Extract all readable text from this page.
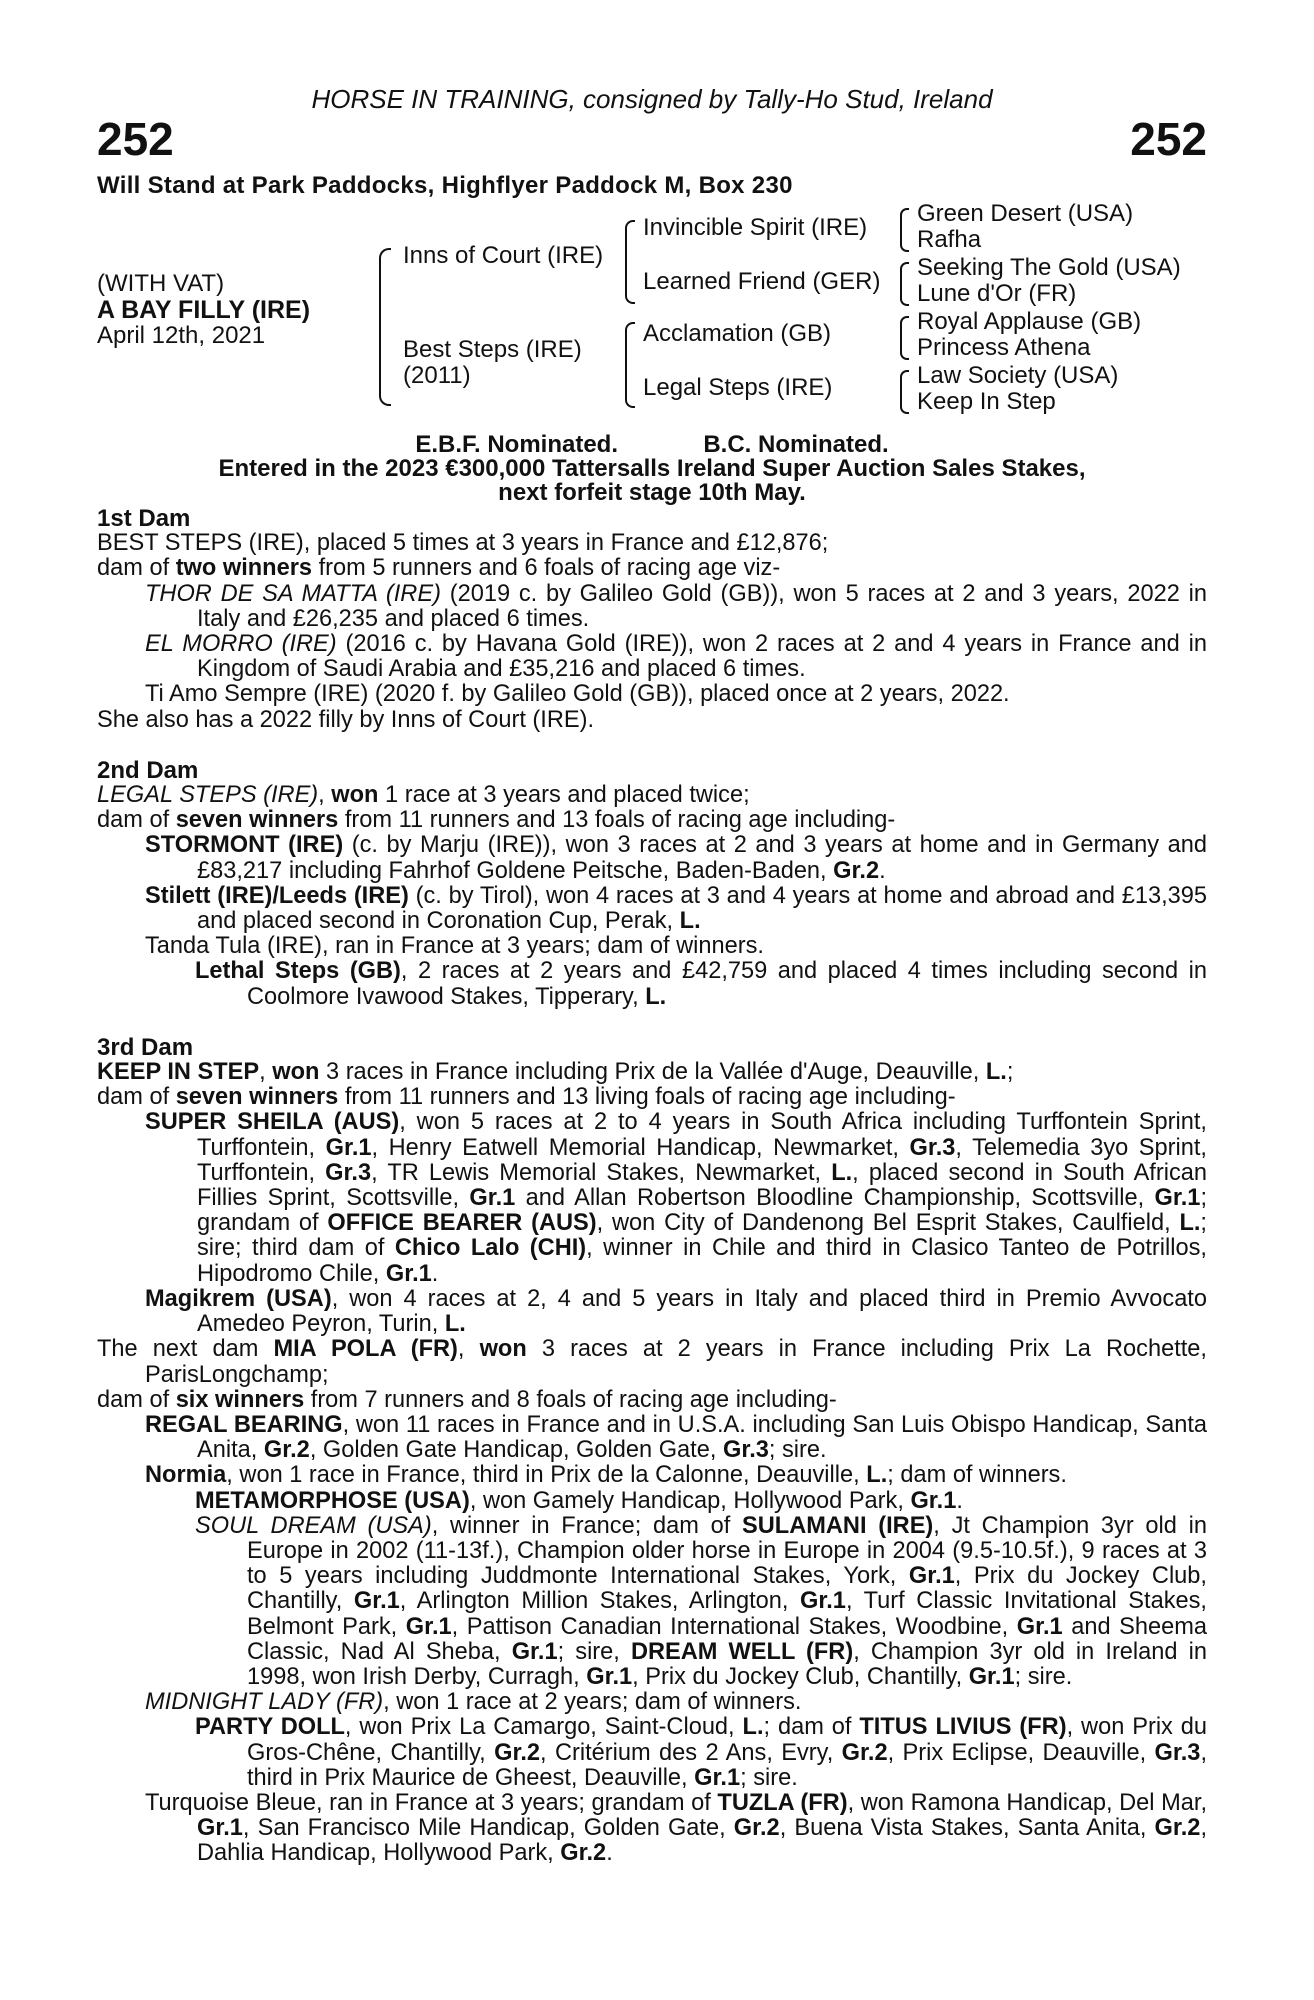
HORSE IN TRAINING, consigned by Tally-Ho Stud, Ireland
252	252
Will Stand at Park Paddocks, Highflyer Paddock M, Box 230
(WITH VAT)
A BAY FILLY (IRE)
April 12th, 2021
Inns of Court (IRE)
Best Steps (IRE)
(2011)
Invincible Spirit (IRE)
Learned Friend (GER)
Acclamation (GB)
Legal Steps (IRE)
Green Desert (USA)
Rafha
Seeking The Gold (USA)
Lune d'Or (FR)
Royal Applause (GB)
Princess Athena
Law Society (USA)
Keep In Step
E.B.F. Nominated.	B.C. Nominated.
Entered in the 2023 €300,000 Tattersalls Ireland Super Auction Sales Stakes,
next forfeit stage 10th May.

1st Dam

BEST STEPS (IRE), placed 5 times at 3 years in France and £12,876;
dam of two winners from 5 runners and 6 foals of racing age viz-

THOR DE SA MATTA (IRE) (2019 c. by Galileo Gold (GB)), won 5 races at 2 and 3 years, 2022 in Italy and £26,235 and placed 6 times.

EL MORRO (IRE) (2016 c. by Havana Gold (IRE)), won 2 races at 2 and 4 years in France and in Kingdom of Saudi Arabia and £35,216 and placed 6 times.

Ti Amo Sempre (IRE) (2020 f. by Galileo Gold (GB)), placed once at 2 years, 2022.

She also has a 2022 filly by Inns of Court (IRE).

2nd Dam

LEGAL STEPS (IRE), won 1 race at 3 years and placed twice;
dam of seven winners from 11 runners and 13 foals of racing age including-

STORMONT (IRE) (c. by Marju (IRE)), won 3 races at 2 and 3 years at home and in Germany and £83,217 including Fahrhof Goldene Peitsche, Baden-Baden, Gr.2.

Stilett (IRE)/Leeds (IRE) (c. by Tirol), won 4 races at 3 and 4 years at home and abroad and £13,395 and placed second in Coronation Cup, Perak, L.

Tanda Tula (IRE), ran in France at 3 years; dam of winners.

Lethal Steps (GB), 2 races at 2 years and £42,759 and placed 4 times including second in Coolmore Ivawood Stakes, Tipperary, L.

3rd Dam

KEEP IN STEP, won 3 races in France including Prix de la Vallée d'Auge, Deauville, L.;
dam of seven winners from 11 runners and 13 living foals of racing age including-

SUPER SHEILA (AUS), won 5 races at 2 to 4 years in South Africa including Turffontein Sprint, Turffontein, Gr.1, Henry Eatwell Memorial Handicap, Newmarket, Gr.3, Telemedia 3yo Sprint, Turffontein, Gr.3, TR Lewis Memorial Stakes, Newmarket, L., placed second in South African Fillies Sprint, Scottsville, Gr.1 and Allan Robertson Bloodline Championship, Scottsville, Gr.1; grandam of OFFICE BEARER (AUS), won City of Dandenong Bel Esprit Stakes, Caulfield, L.; sire; third dam of Chico Lalo (CHI), winner in Chile and third in Clasico Tanteo de Potrillos, Hipodromo Chile, Gr.1.

Magikrem (USA), won 4 races at 2, 4 and 5 years in Italy and placed third in Premio Avvocato Amedeo Peyron, Turin, L.

The next dam MIA POLA (FR), won 3 races at 2 years in France including Prix La Rochette, ParisLongchamp;

dam of six winners from 7 runners and 8 foals of racing age including-

REGAL BEARING, won 11 races in France and in U.S.A. including San Luis Obispo Handicap, Santa Anita, Gr.2, Golden Gate Handicap, Golden Gate, Gr.3; sire.

Normia, won 1 race in France, third in Prix de la Calonne, Deauville, L.; dam of winners.

METAMORPHOSE (USA), won Gamely Handicap, Hollywood Park, Gr.1.

SOUL DREAM (USA), winner in France; dam of SULAMANI (IRE), Jt Champion 3yr old in Europe in 2002 (11-13f.), Champion older horse in Europe in 2004 (9.5-10.5f.), 9 races at 3 to 5 years including Juddmonte International Stakes, York, Gr.1, Prix du Jockey Club, Chantilly, Gr.1, Arlington Million Stakes, Arlington, Gr.1, Turf Classic Invitational Stakes, Belmont Park, Gr.1, Pattison Canadian International Stakes, Woodbine, Gr.1 and Sheema Classic, Nad Al Sheba, Gr.1; sire, DREAM WELL (FR), Champion 3yr old in Ireland in 1998, won Irish Derby, Curragh, Gr.1, Prix du Jockey Club, Chantilly, Gr.1; sire.

MIDNIGHT LADY (FR), won 1 race at 2 years; dam of winners.

PARTY DOLL, won Prix La Camargo, Saint-Cloud, L.; dam of TITUS LIVIUS (FR), won Prix du Gros-Chêne, Chantilly, Gr.2, Critérium des 2 Ans, Evry, Gr.2, Prix Eclipse, Deauville, Gr.3, third in Prix Maurice de Gheest, Deauville, Gr.1; sire.

Turquoise Bleue, ran in France at 3 years; grandam of TUZLA (FR), won Ramona Handicap, Del Mar, Gr.1, San Francisco Mile Handicap, Golden Gate, Gr.2, Buena Vista Stakes, Santa Anita, Gr.2, Dahlia Handicap, Hollywood Park, Gr.2.
